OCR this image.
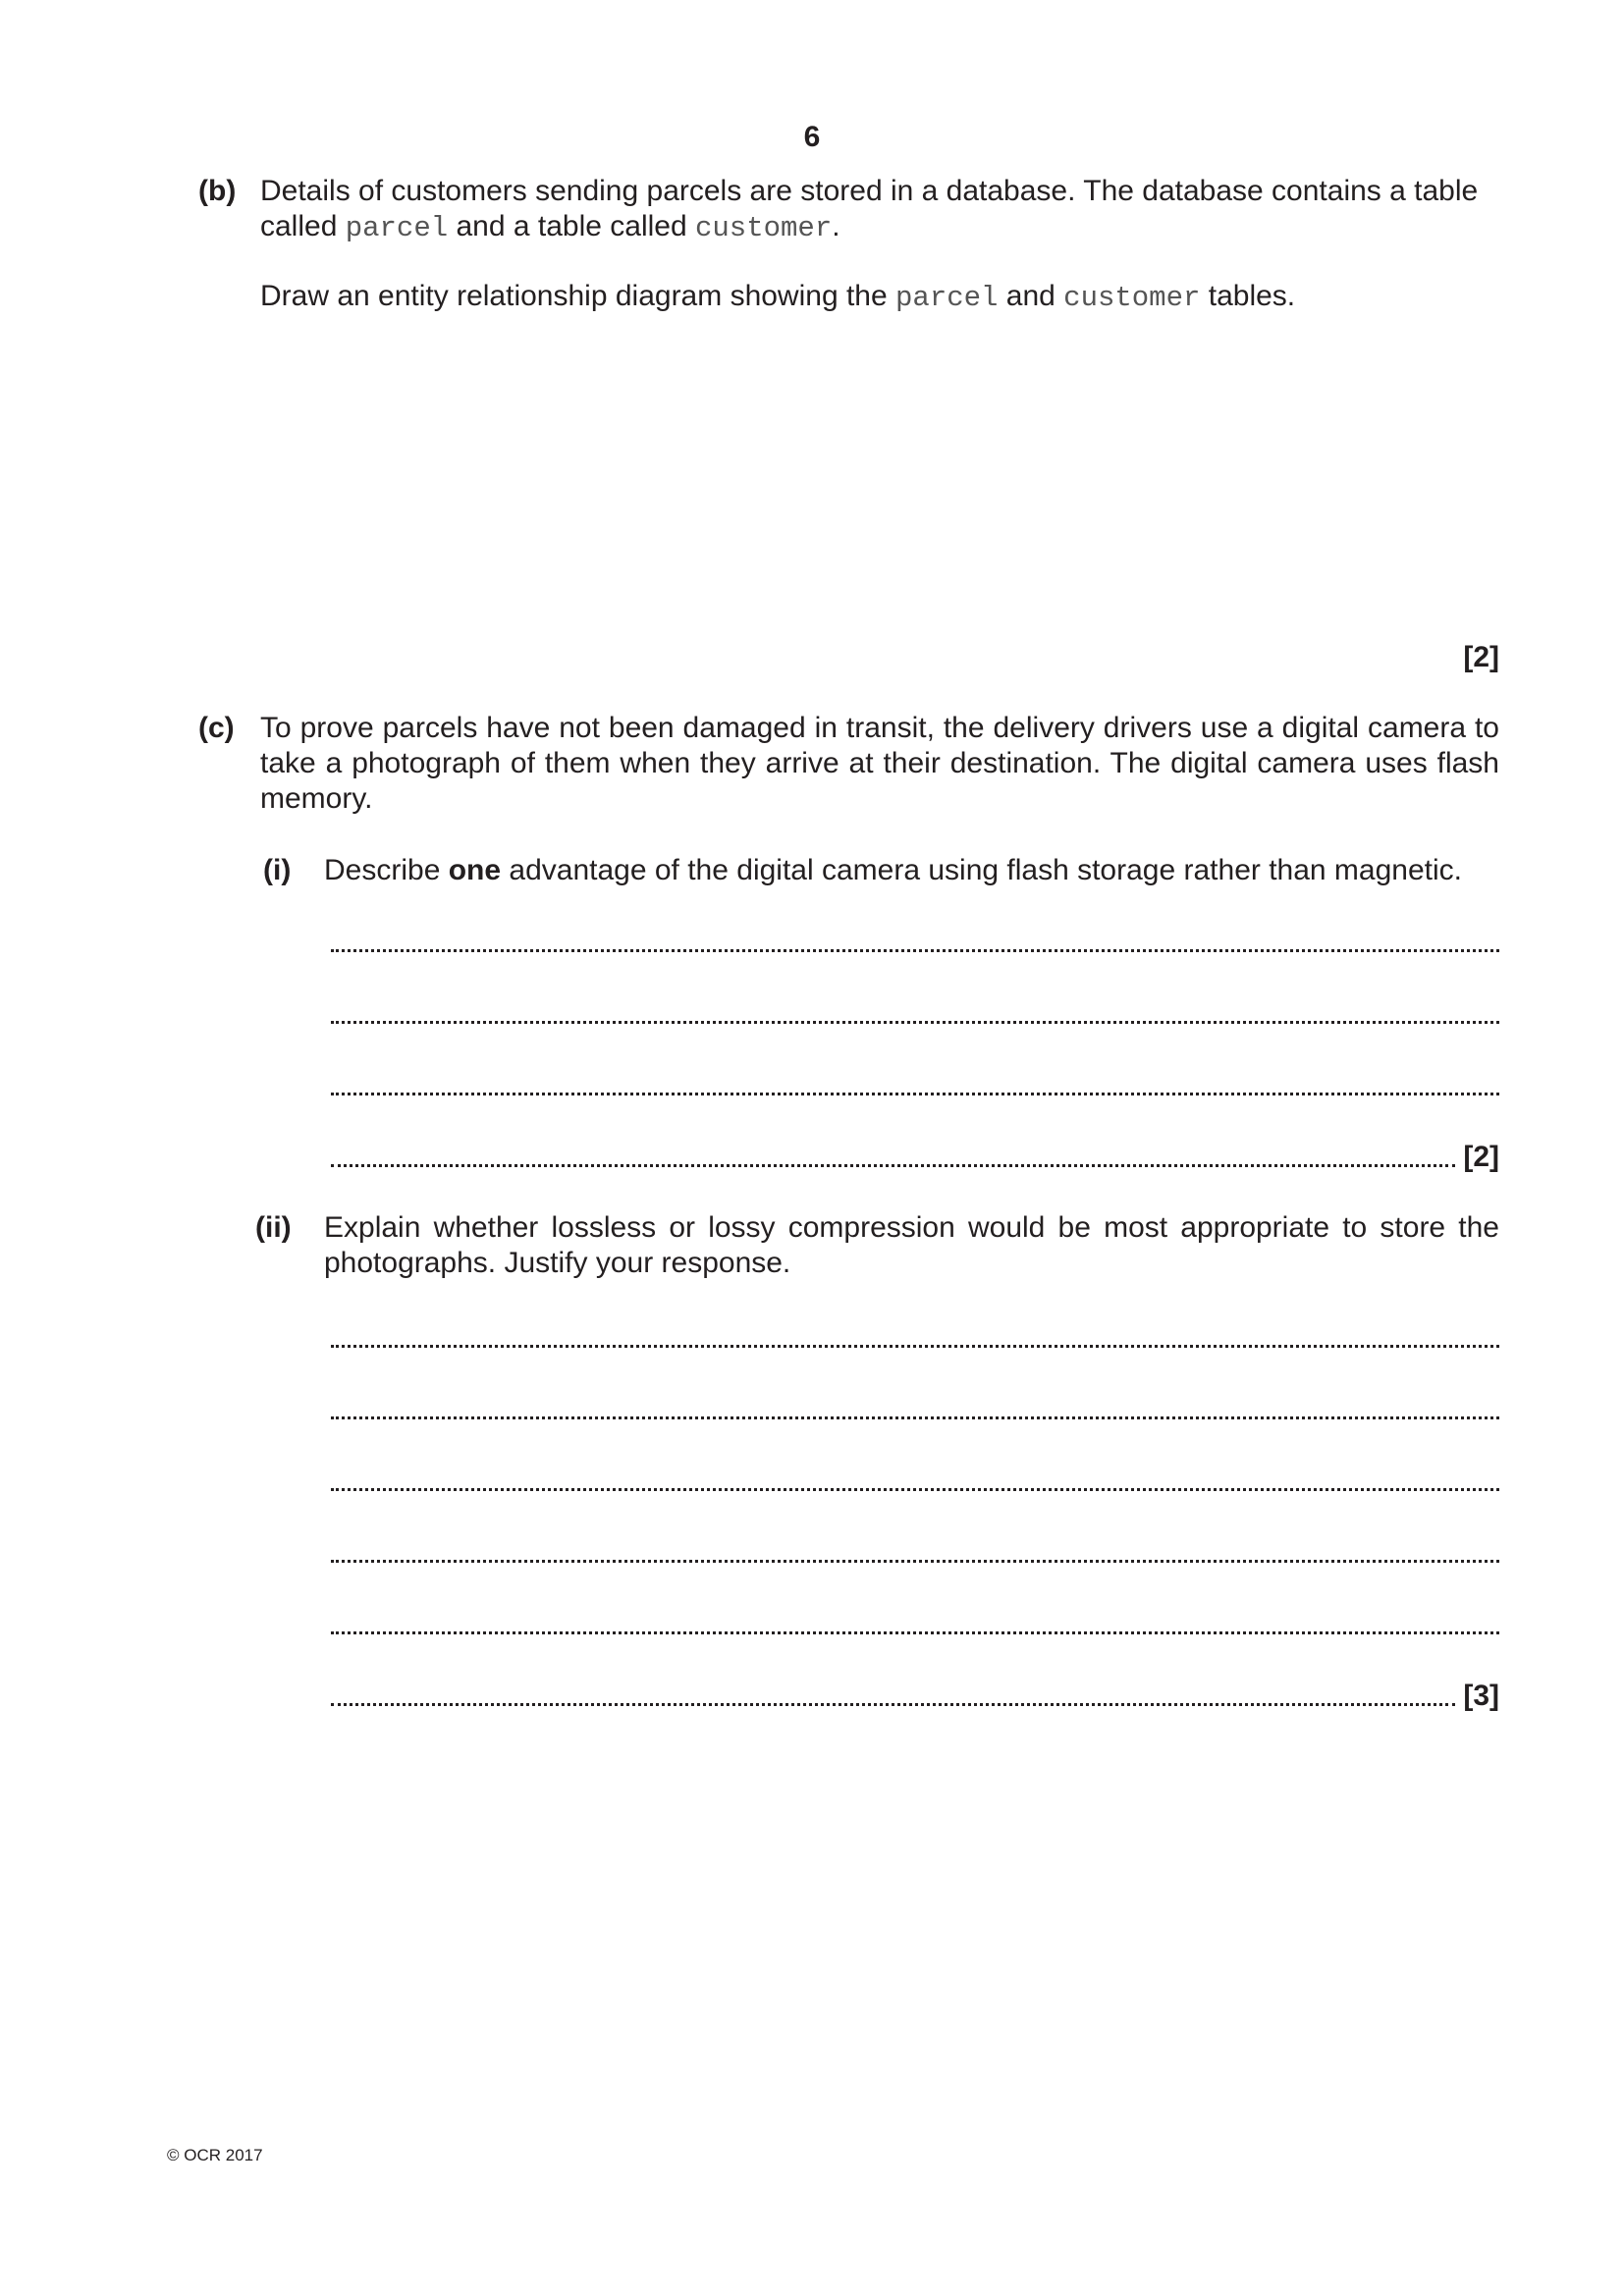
6
(b) Details of customers sending parcels are stored in a database. The database contains a table
called parcel and a table called customer.
Draw an entity relationship diagram showing the parcel and customer tables.
[2]
(c) To prove parcels have not been damaged in transit, the delivery drivers use a digital camera to take a photograph of them when they arrive at their destination. The digital camera uses flash memory.
(i) Describe one advantage of the digital camera using flash storage rather than magnetic.
[2]
(ii) Explain whether lossless or lossy compression would be most appropriate to store the photographs. Justify your response.
[3]
© OCR 2017
